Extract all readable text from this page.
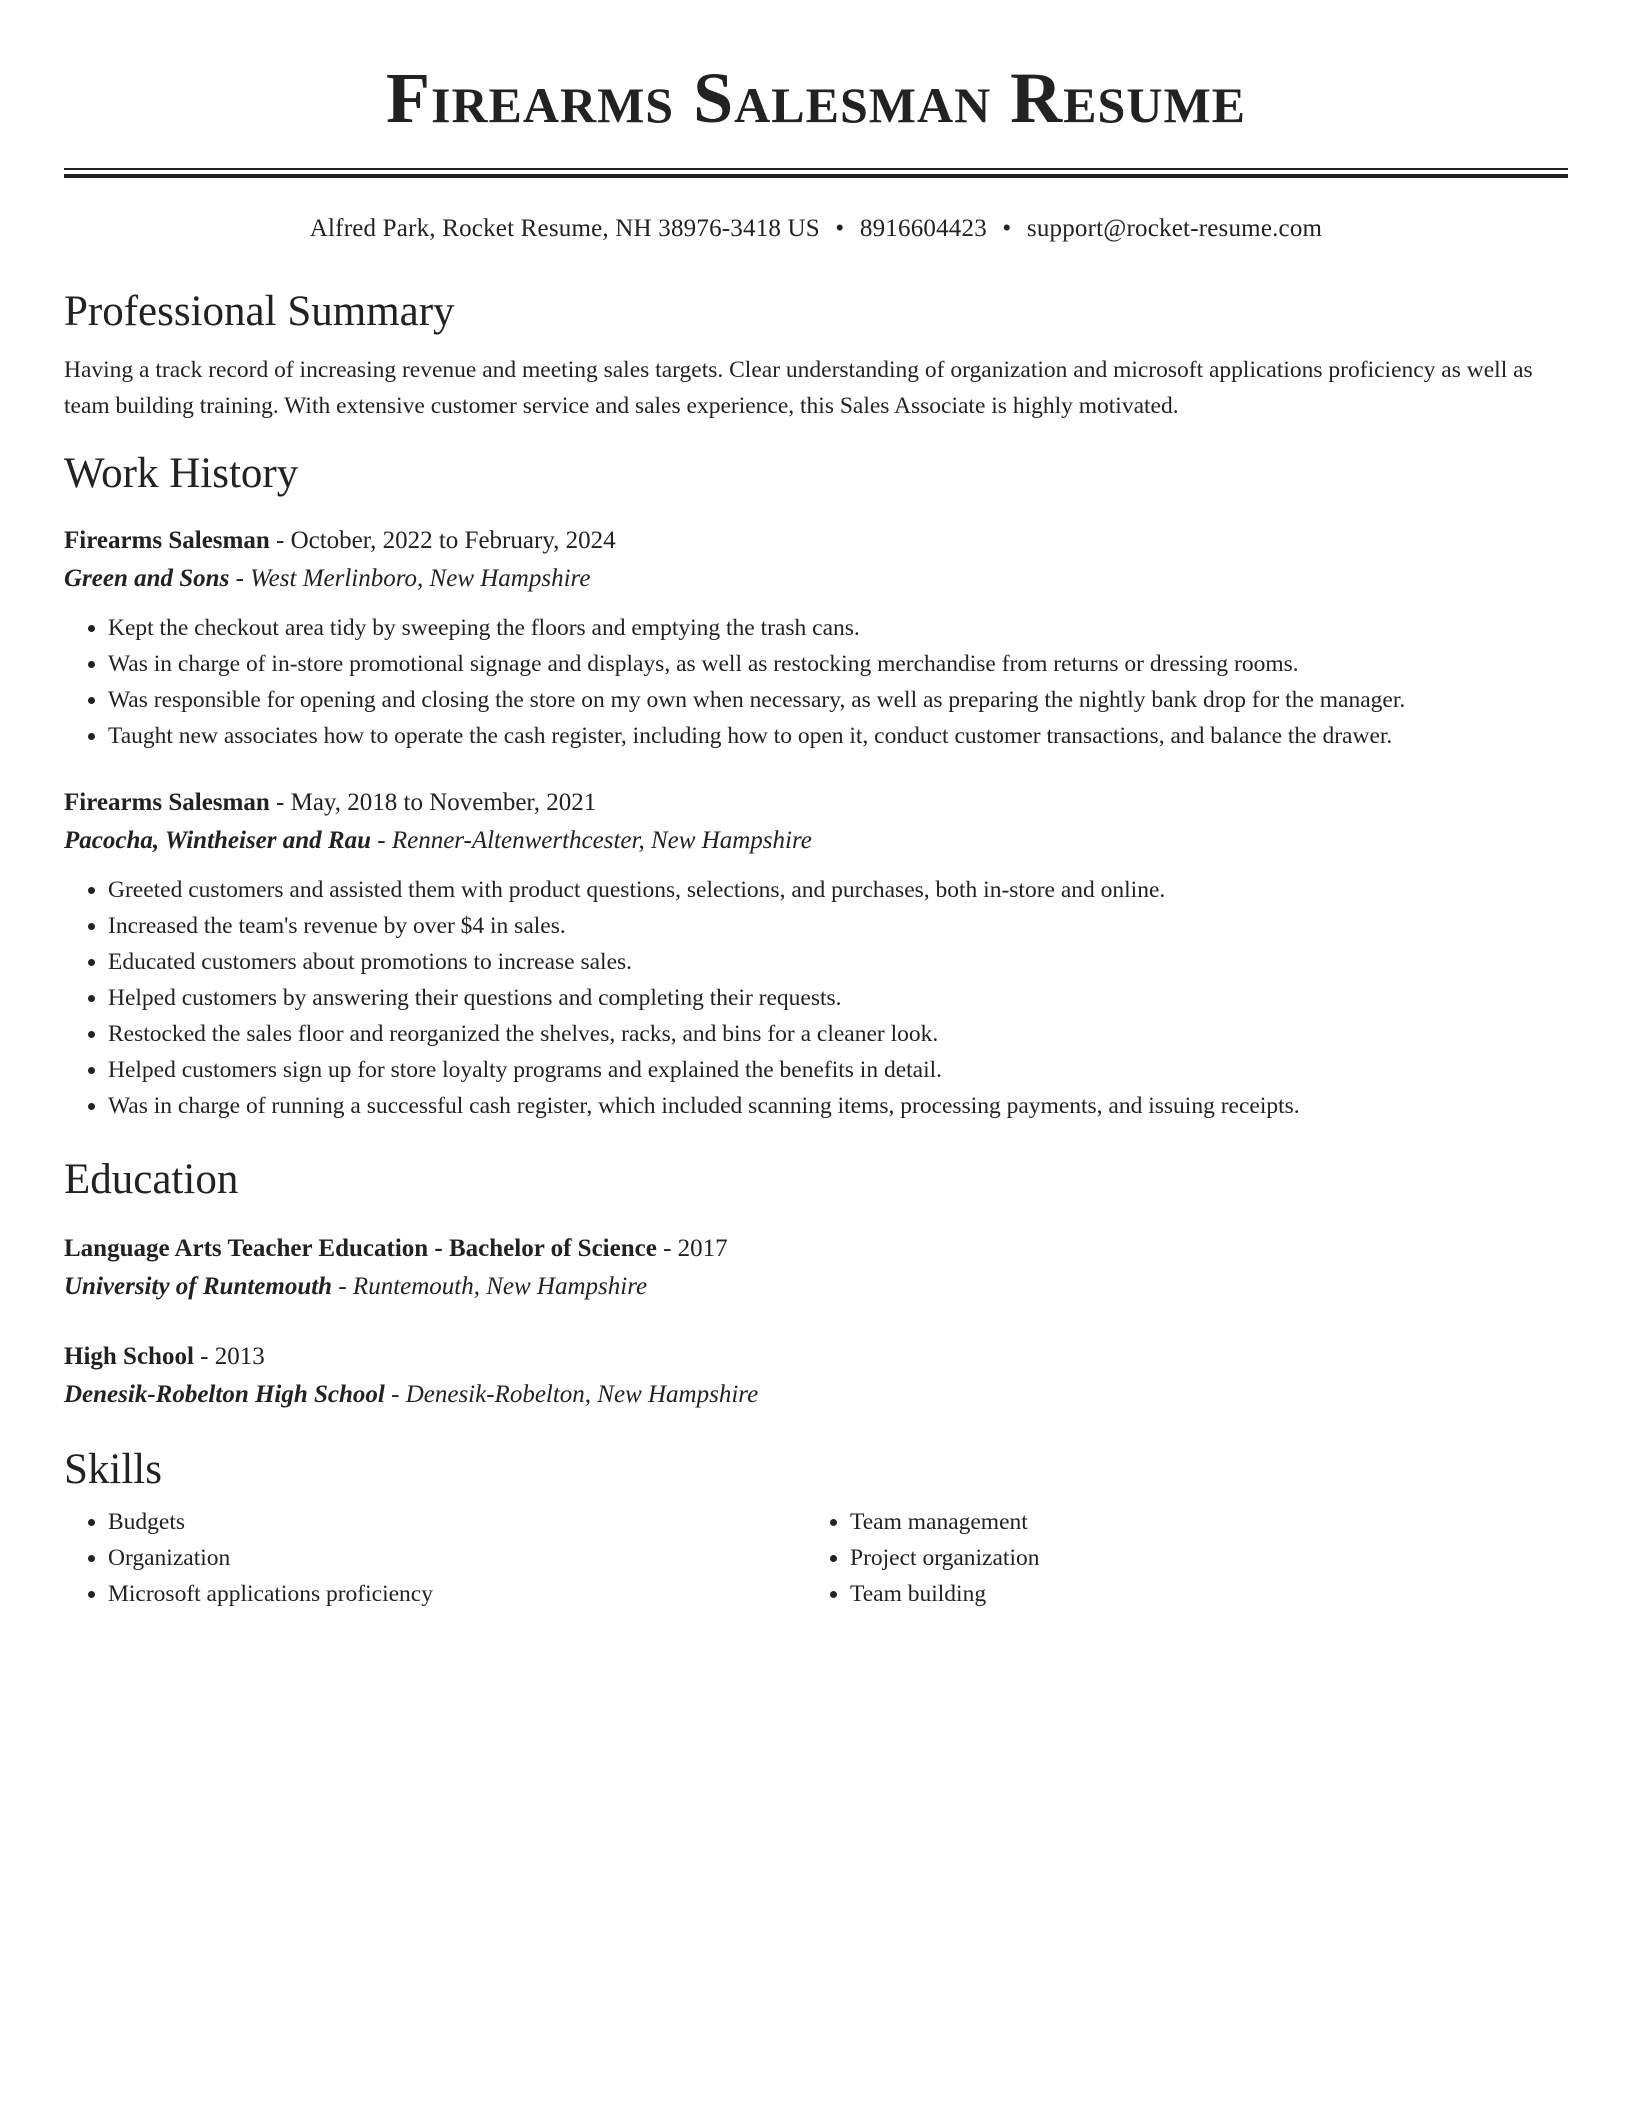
Firearms Salesman Resume
Alfred Park, Rocket Resume, NH 38976-3418 US • 8916604423 • support@rocket-resume.com
Professional Summary

Having a track record of increasing revenue and meeting sales targets. Clear understanding of organization and microsoft applications proficiency as well as team building training. With extensive customer service and sales experience, this Sales Associate is highly motivated.

Work History
Firearms Salesman - October, 2022 to February, 2024
Green and Sons - West Merlinboro, New Hampshire
• Kept the checkout area tidy by sweeping the floors and emptying the trash cans.
• Was in charge of in-store promotional signage and displays, as well as restocking merchandise from returns or dressing rooms.
• Was responsible for opening and closing the store on my own when necessary, as well as preparing the nightly bank drop for the manager.
• Taught new associates how to operate the cash register, including how to open it, conduct customer transactions, and balance the drawer.
Firearms Salesman - May, 2018 to November, 2021
Pacocha, Wintheiser and Rau - Renner-Altenwerthcester, New Hampshire
• Greeted customers and assisted them with product questions, selections, and purchases, both in-store and online.
• Increased the team's revenue by over $4 in sales.
• Educated customers about promotions to increase sales.
• Helped customers by answering their questions and completing their requests.
• Restocked the sales floor and reorganized the shelves, racks, and bins for a cleaner look.
• Helped customers sign up for store loyalty programs and explained the benefits in detail.
• Was in charge of running a successful cash register, which included scanning items, processing payments, and issuing receipts.
Education
Language Arts Teacher Education - Bachelor of Science - 2017
University of Runtemouth - Runtemouth, New Hampshire
High School - 2013
Denesik-Robelton High School - Denesik-Robelton, New Hampshire
Skills
• Budgets
• Organization
• Microsoft applications proficiency
• Team management
• Project organization
• Team building
